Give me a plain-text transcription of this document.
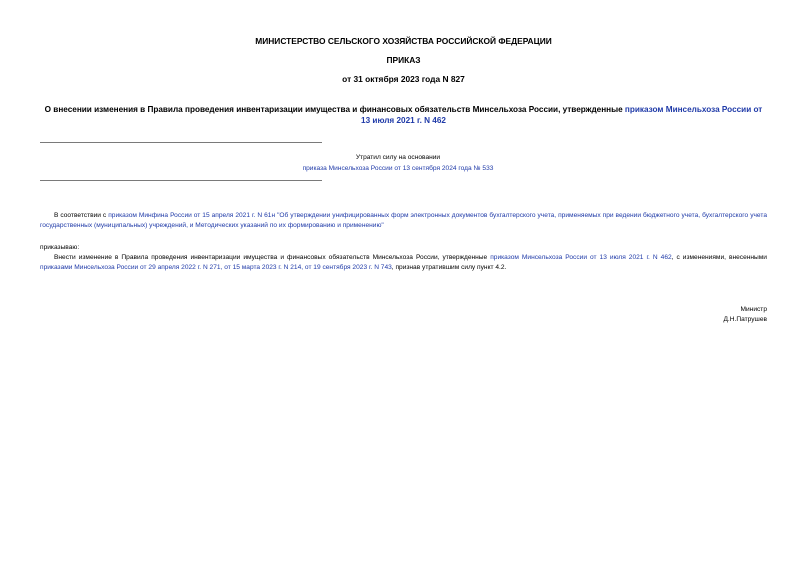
МИНИСТЕРСТВО СЕЛЬСКОГО ХОЗЯЙСТВА РОССИЙСКОЙ ФЕДЕРАЦИИ
ПРИКАЗ
от 31 октября 2023 года N 827
О внесении изменения в Правила проведения инвентаризации имущества и финансовых обязательств Минсельхоза России, утвержденные приказом Минсельхоза России от 13 июля 2021 г. N 462
Утратил силу на основании
приказа Минсельхоза России от 13 сентября 2024 года № 533
В соответствии с приказом Минфина России от 15 апреля 2021 г. N 61н "Об утверждении унифицированных форм электронных документов бухгалтерского учета, применяемых при ведении бюджетного учета, бухгалтерского учета государственных (муниципальных) учреждений, и Методических указаний по их формированию и применению"
приказываю:
Внести изменение в Правила проведения инвентаризации имущества и финансовых обязательств Минсельхоза России, утвержденные приказом Минсельхоза России от 13 июля 2021 г. N 462, с изменениями, внесенными приказами Минсельхоза России от 29 апреля 2022 г. N 271, от 15 марта 2023 г. N 214, от 19 сентября 2023 г. N 743, признав утратившим силу пункт 4.2.
Министр
Д.Н.Патрушев
